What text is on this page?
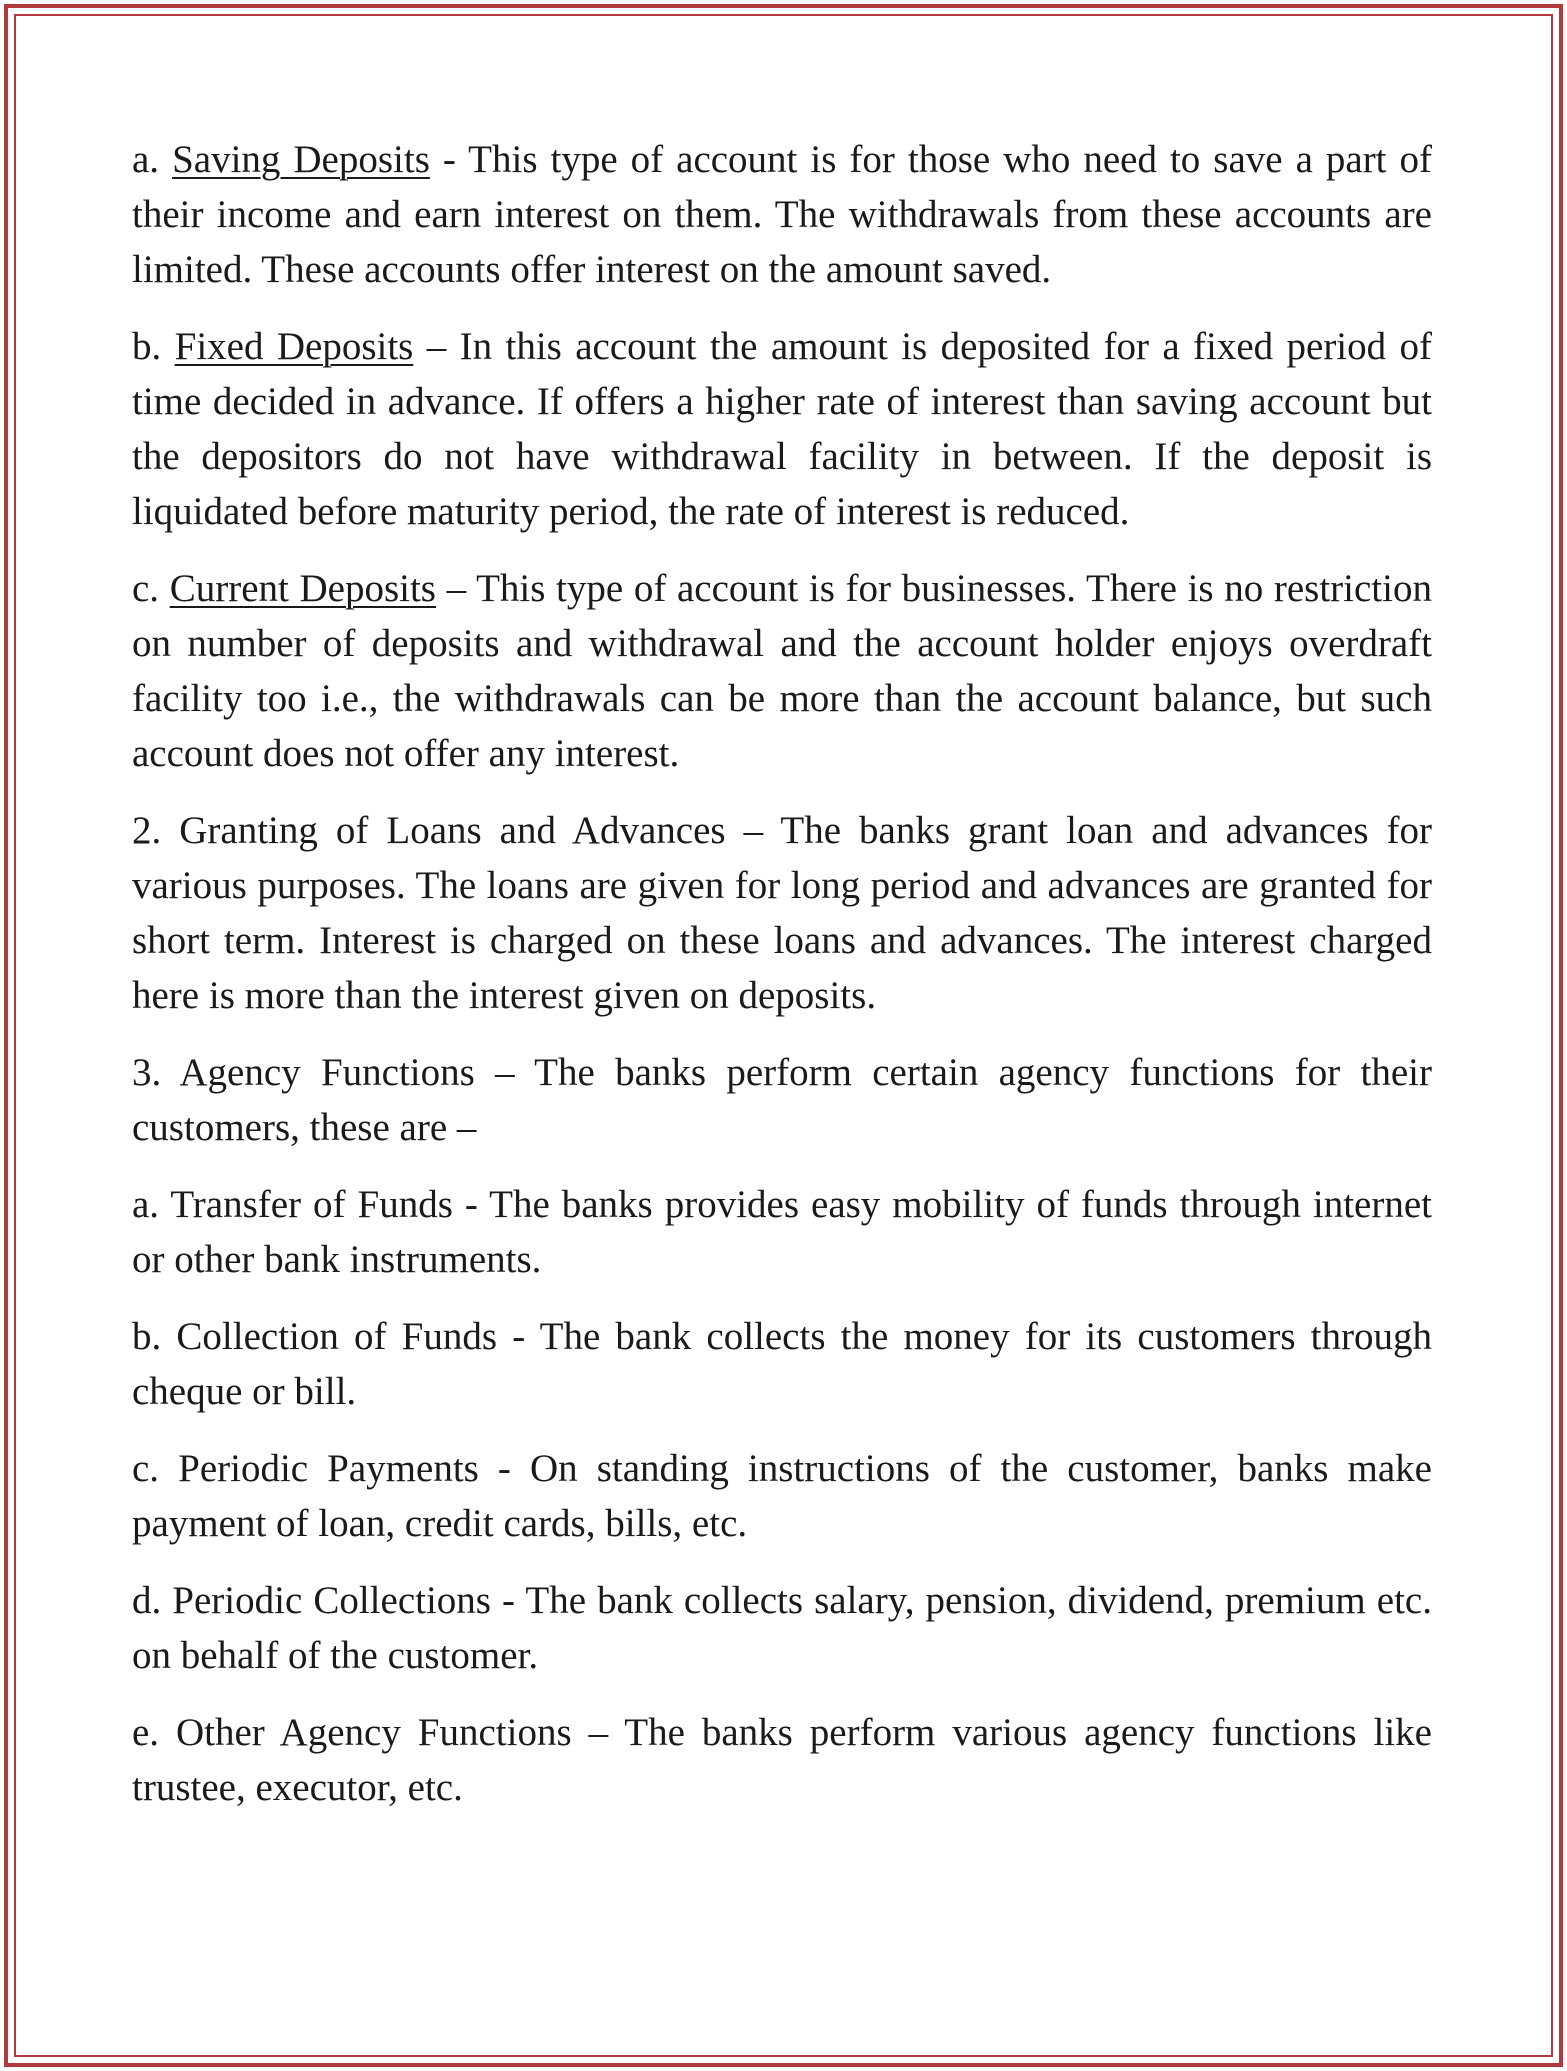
a. Saving Deposits - This type of account is for those who need to save a part of their income and earn interest on them. The withdrawals from these accounts are limited. These accounts offer interest on the amount saved.

b. Fixed Deposits – In this account the amount is deposited for a fixed period of time decided in advance. If offers a higher rate of interest than saving account but the depositors do not have withdrawal facility in between. If the deposit is liquidated before maturity period, the rate of interest is reduced.

c. Current Deposits – This type of account is for businesses. There is no restriction on number of deposits and withdrawal and the account holder enjoys overdraft facility too i.e., the withdrawals can be more than the account balance, but such account does not offer any interest.

2. Granting of Loans and Advances – The banks grant loan and advances for various purposes. The loans are given for long period and advances are granted for short term. Interest is charged on these loans and advances. The interest charged here is more than the interest given on deposits.

3. Agency Functions – The banks perform certain agency functions for their customers, these are –

a. Transfer of Funds - The banks provides easy mobility of funds through internet or other bank instruments.

b. Collection of Funds - The bank collects the money for its customers through cheque or bill.

c. Periodic Payments - On standing instructions of the customer, banks make payment of loan, credit cards, bills, etc.

d. Periodic Collections - The bank collects salary, pension, dividend, premium etc. on behalf of the customer.

e. Other Agency Functions – The banks perform various agency functions like trustee, executor, etc.
